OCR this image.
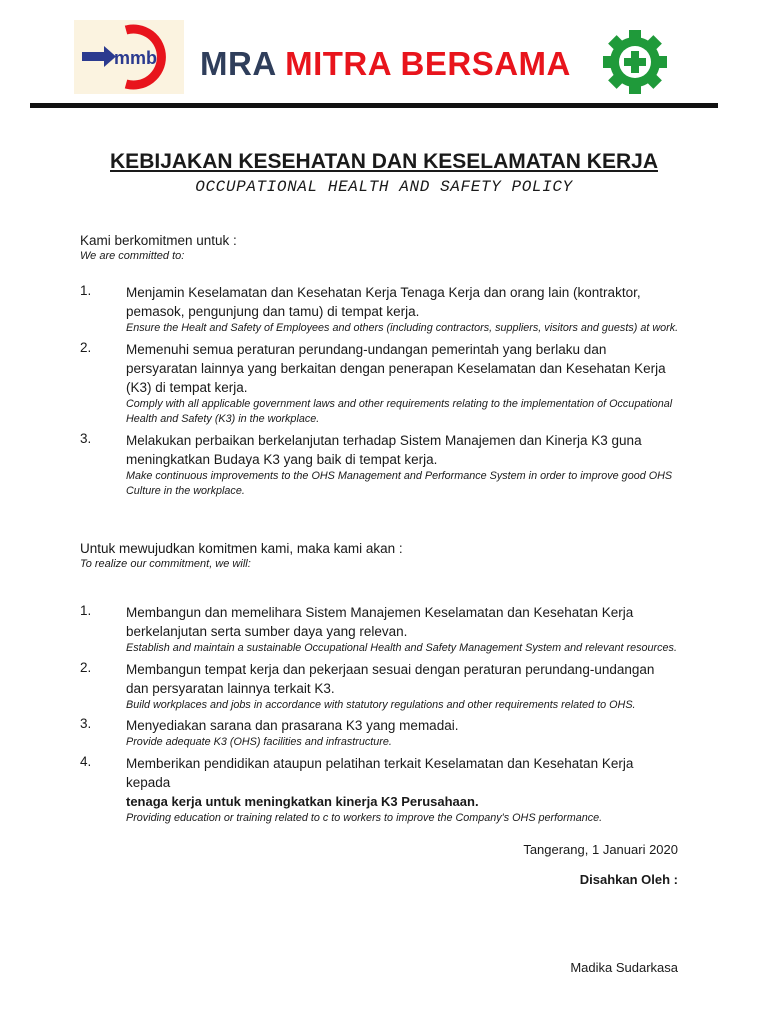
mmb MRA MITRA BERSAMA
KEBIJAKAN KESEHATAN DAN KESELAMATAN KERJA
OCCUPATIONAL HEALTH AND SAFETY POLICY
Kami berkomitmen untuk :
We are committed to:
1.	Menjamin Keselamatan dan Kesehatan Kerja Tenaga Kerja dan orang lain (kontraktor, pemasok, pengunjung dan tamu) di tempat kerja.
Ensure the Healt and Safety of Employees and others (including contractors, suppliers, visitors and guests) at work.
2.	Memenuhi semua peraturan perundang-undangan pemerintah yang berlaku dan persyaratan lainnya yang berkaitan dengan penerapan Keselamatan dan Kesehatan Kerja (K3) di tempat kerja.
Comply with all applicable government laws and other requirements relating to the implementation of Occupational Health and Safety (K3) in the workplace.
3.	Melakukan perbaikan berkelanjutan terhadap Sistem Manajemen dan Kinerja K3 guna meningkatkan Budaya K3 yang baik di tempat kerja.
Make continuous improvements to the OHS Management and Performance System in order to improve good OHS Culture in the workplace.
Untuk mewujudkan komitmen kami, maka kami akan :
To realize our commitment, we will:
1.	Membangun dan memelihara Sistem Manajemen Keselamatan dan Kesehatan Kerja berkelanjutan serta sumber daya yang relevan.
Establish and maintain a sustainable Occupational Health and Safety Management System and relevant resources.
2.	Membangun tempat kerja dan pekerjaan sesuai dengan peraturan perundang-undangan dan persyaratan lainnya terkait K3.
Build workplaces and jobs in accordance with statutory regulations and other requirements related to OHS.
3.	Menyediakan sarana dan prasarana K3 yang memadai.
Provide adequate K3 (OHS) facilities and infrastructure.
4.	Memberikan pendidikan ataupun pelatihan terkait Keselamatan dan Kesehatan Kerja kepada
tenaga kerja untuk meningkatkan kinerja K3 Perusahaan.
Providing education or training related to c to workers to improve the Company's OHS performance.
Tangerang, 1 Januari 2020
Disahkan Oleh :
Madika Sudarkasa
